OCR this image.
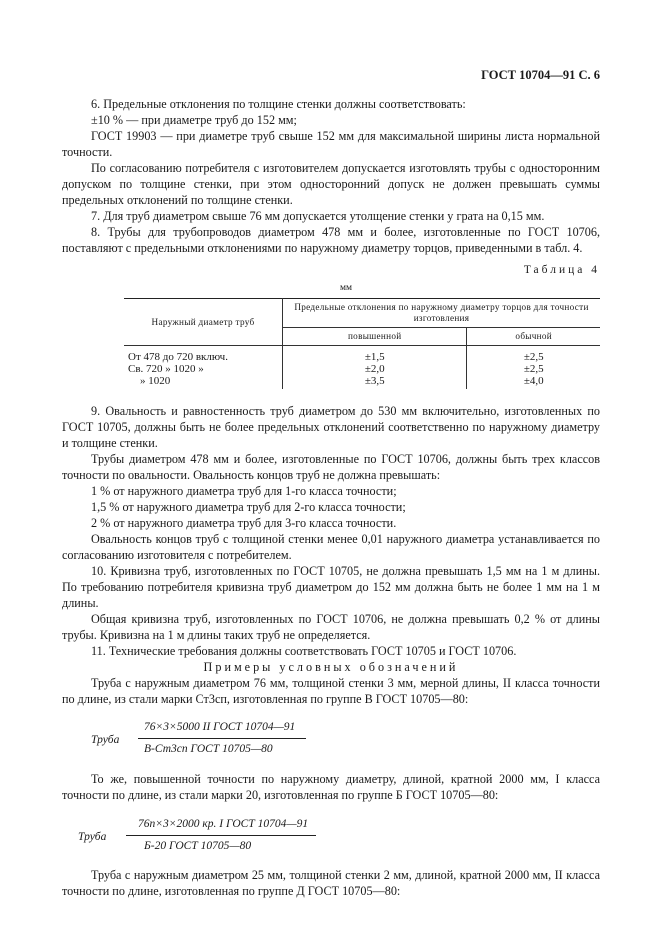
ГОСТ 10704—91 С. 6

6. Предельные отклонения по толщине стенки должны соответствовать:

±10 % — при диаметре труб до 152 мм;

ГОСТ 19903 — при диаметре труб свыше 152 мм для максимальной ширины листа нормальной точности.

По согласованию потребителя с изготовителем допускается изготовлять трубы с односторонним допуском по толщине стенки, при этом односторонний допуск не должен превышать суммы предельных отклонений по толщине стенки.

7. Для труб диаметром свыше 76 мм допускается утолщение стенки у грата на 0,15 мм.

8. Трубы для трубопроводов диаметром 478 мм и более, изготовленные по ГОСТ 10706, поставляют с предельными отклонениями по наружному диаметру торцов, приведенными в табл. 4.

Таблица 4
мм
Наружный диаметр труб	Предельные отклонения по наружному диаметру торцов для точности изготовления	
	повышенной	обычной
От 478 до 720 включ.	±1,5	±2,5
Св. 720 » 1020 »	±2,0	±2,5
» 1020	±3,5	±4,0

9. Овальность и равностенность труб диаметром до 530 мм включительно, изготовленных по ГОСТ 10705, должны быть не более предельных отклонений соответственно по наружному диаметру и толщине стенки.

Трубы диаметром 478 мм и более, изготовленные по ГОСТ 10706, должны быть трех классов точности по овальности. Овальность концов труб не должна превышать:

1 % от наружного диаметра труб для 1-го класса точности;

1,5 % от наружного диаметра труб для 2-го класса точности;

2 % от наружного диаметра труб для 3-го класса точности.

Овальность концов труб с толщиной стенки менее 0,01 наружного диаметра устанавливается по согласованию изготовителя с потребителем.

10. Кривизна труб, изготовленных по ГОСТ 10705, не должна превышать 1,5 мм на 1 м длины. По требованию потребителя кривизна труб диаметром до 152 мм должна быть не более 1 мм на 1 м длины.

Общая кривизна труб, изготовленных по ГОСТ 10706, не должна превышать 0,2 % от длины трубы. Кривизна на 1 м длины таких труб не определяется.

11. Технические требования должны соответствовать ГОСТ 10705 и ГОСТ 10706.

Примеры условных обозначений

Труба с наружным диаметром 76 мм, толщиной стенки 3 мм, мерной длины, II класса точности по длине, из стали марки Ст3сп, изготовленная по группе В ГОСТ 10705—80:

Труба
76×3×5000 II ГОСТ 10704—91
В-Ст3сп ГОСТ 10705—80

То же, повышенной точности по наружному диаметру, длиной, кратной 2000 мм, I класса точности по длине, из стали марки 20, изготовленная по группе Б ГОСТ 10705—80:

Труба
76п×3×2000 кр. I ГОСТ 10704—91
Б-20 ГОСТ 10705—80

Труба с наружным диаметром 25 мм, толщиной стенки 2 мм, длиной, кратной 2000 мм, II класса точности по длине, изготовленная по группе Д ГОСТ 10705—80:
